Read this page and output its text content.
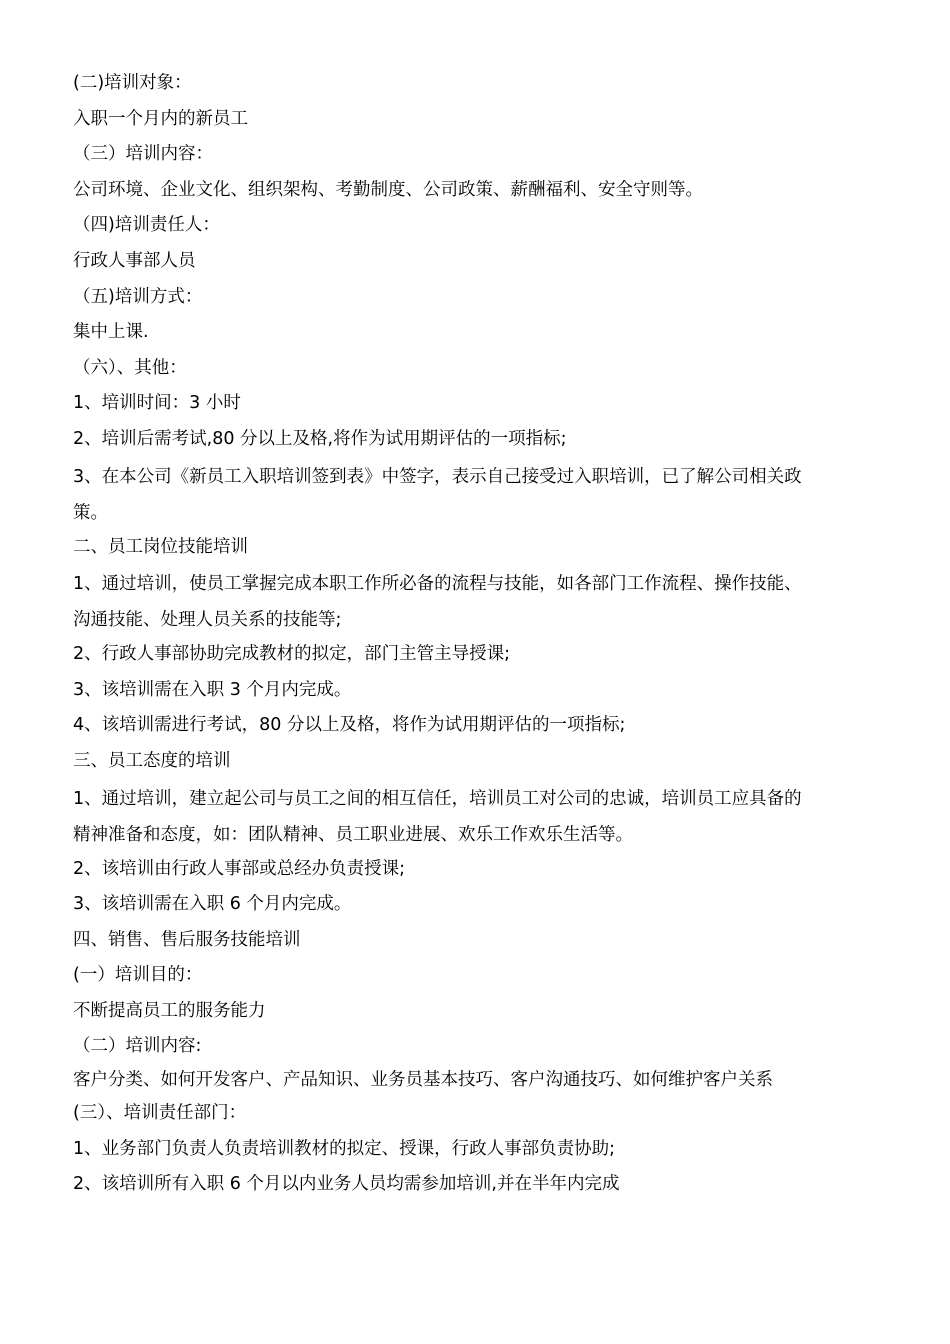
(二)培训对象：
入职一个月内的新员工
（三）培训内容：
公司环境、企业文化、组织架构、考勤制度、公司政策、薪酬福利、安全守则等。
（四)培训责任人：
行政人事部人员
（五)培训方式：
集中上课.
（六）、其他：
1、培训时间：3 小时
2、培训后需考试,80 分以上及格,将作为试用期评估的一项指标;
3、在本公司《新员工入职培训签到表》中签字，表示自己接受过入职培训，已了解公司相关政
策。
二、员工岗位技能培训
1、通过培训，使员工掌握完成本职工作所必备的流程与技能，如各部门工作流程、操作技能、
沟通技能、处理人员关系的技能等;
2、行政人事部协助完成教材的拟定，部门主管主导授课;
3、该培训需在入职 3 个月内完成。
4、该培训需进行考试，80 分以上及格，将作为试用期评估的一项指标;
三、员工态度的培训
1、通过培训，建立起公司与员工之间的相互信任，培训员工对公司的忠诚，培训员工应具备的
精神准备和态度，如：团队精神、员工职业进展、欢乐工作欢乐生活等。
2、该培训由行政人事部或总经办负责授课;
3、该培训需在入职 6 个月内完成。
四、销售、售后服务技能培训
(一）培训目的：
不断提高员工的服务能力
（二）培训内容:
客户分类、如何开发客户、产品知识、业务员基本技巧、客户沟通技巧、如何维护客户关系
(三）、培训责任部门：
1、业务部门负责人负责培训教材的拟定、授课，行政人事部负责协助;
2、该培训所有入职 6 个月以内业务人员均需参加培训,并在半年内完成
